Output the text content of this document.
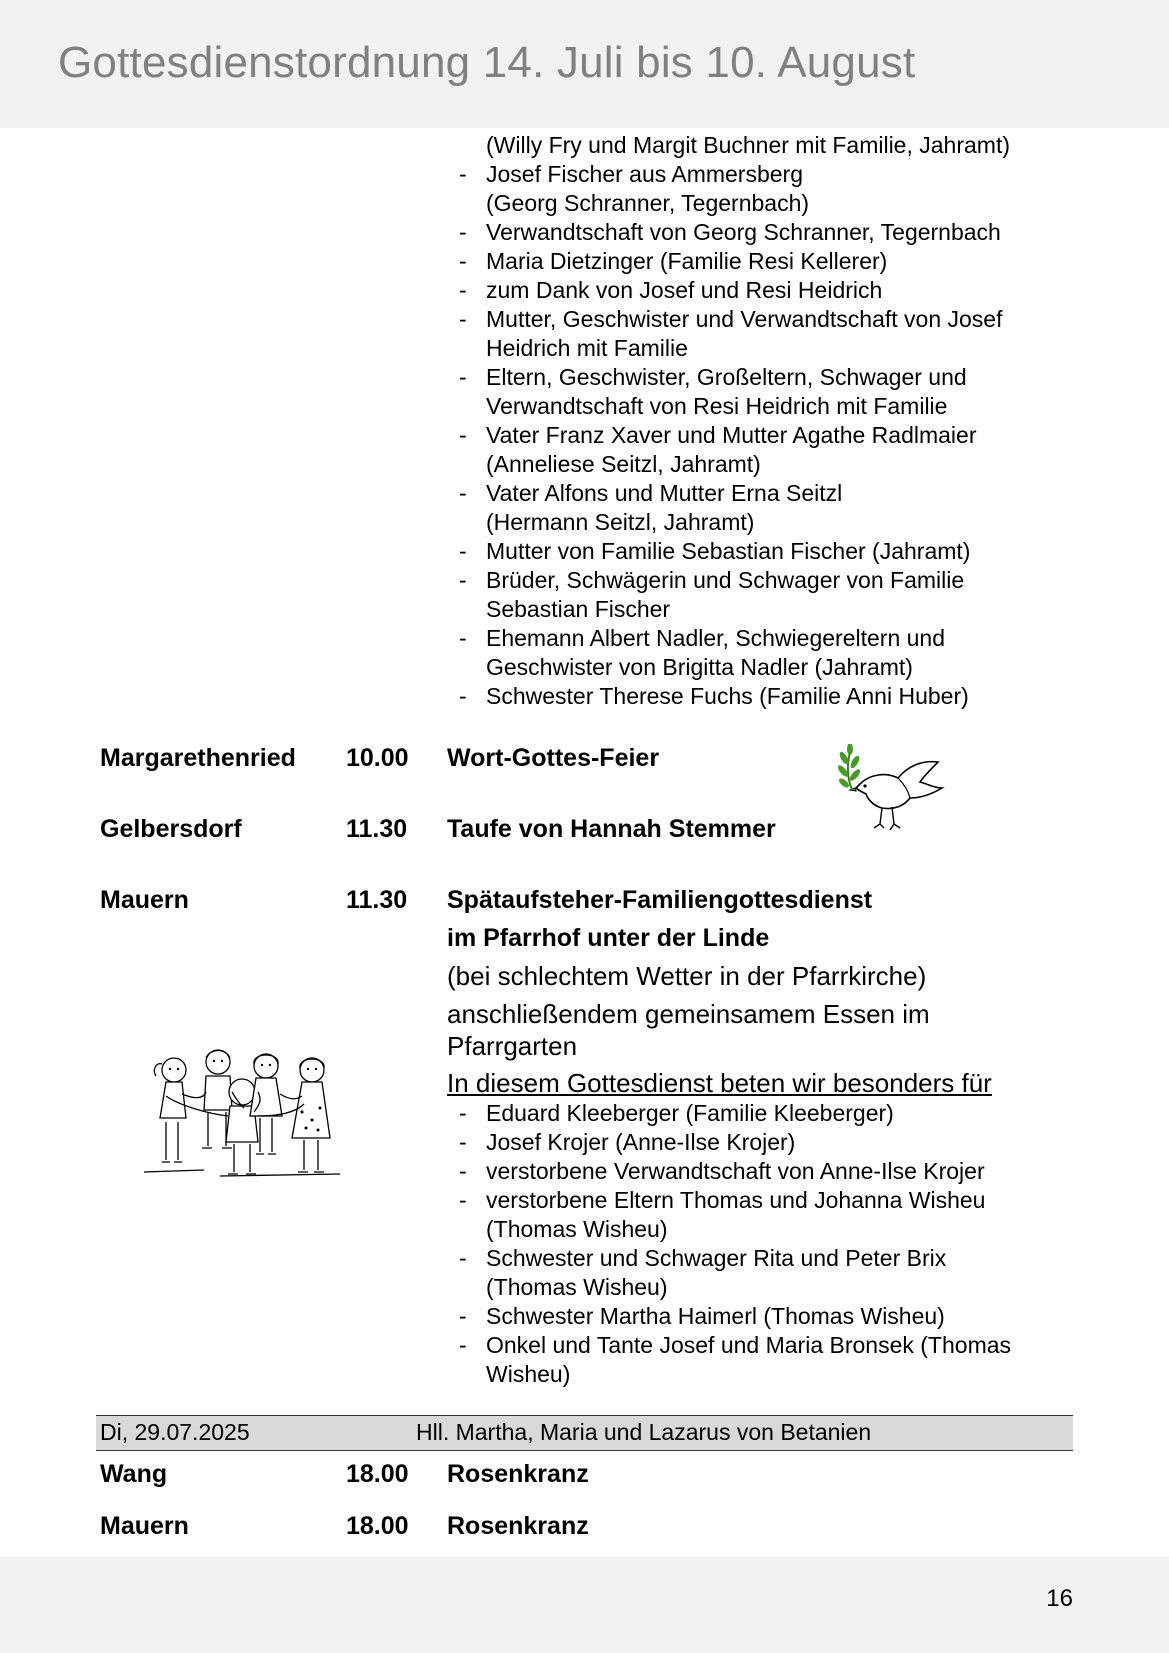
Gottesdienstordnung 14. Juli bis 10. August
(Willy Fry und Margit Buchner mit Familie, Jahramt)
- Josef Fischer aus Ammersberg
(Georg Schranner, Tegernbach)
- Verwandtschaft von Georg Schranner, Tegernbach
- Maria Dietzinger (Familie Resi Kellerer)
- zum Dank von Josef und Resi Heidrich
- Mutter, Geschwister und Verwandtschaft von Josef
Heidrich mit Familie
- Eltern, Geschwister, Großeltern, Schwager und
Verwandtschaft von Resi Heidrich mit Familie
- Vater Franz Xaver und Mutter Agathe Radlmaier
(Anneliese Seitzl, Jahramt)
- Vater Alfons und Mutter Erna Seitzl
(Hermann Seitzl, Jahramt)
- Mutter von Familie Sebastian Fischer (Jahramt)
- Brüder, Schwägerin und Schwager von Familie
Sebastian Fischer
- Ehemann Albert Nadler, Schwiegereltern und
Geschwister von Brigitta Nadler (Jahramt)
- Schwester Therese Fuchs (Familie Anni Huber)
Margarethenried 10.00 Wort-Gottes-Feier
Gelbersdorf	11.30 Taufe von Hannah Stemmer
Mauern	11.30 Spätaufsteher-Familiengottesdienst
im Pfarrhof unter der Linde
(bei schlechtem Wetter in der Pfarrkirche)
anschließendem gemeinsamem Essen im
Pfarrgarten
In diesem Gottesdienst beten wir besonders für
- Eduard Kleeberger (Familie Kleeberger)
- Josef Krojer (Anne-Ilse Krojer)
- verstorbene Verwandtschaft von Anne-Ilse Krojer
- verstorbene Eltern Thomas und Johanna Wisheu
(Thomas Wisheu)
- Schwester und Schwager Rita und Peter Brix
(Thomas Wisheu)
- Schwester Martha Haimerl (Thomas Wisheu)
- Onkel und Tante Josef und Maria Bronsek (Thomas
Wisheu)
Di, 29.07.2025	Hll. Martha, Maria und Lazarus von Betanien
Wang	18.00 Rosenkranz
Mauern	18.00 Rosenkranz
16
